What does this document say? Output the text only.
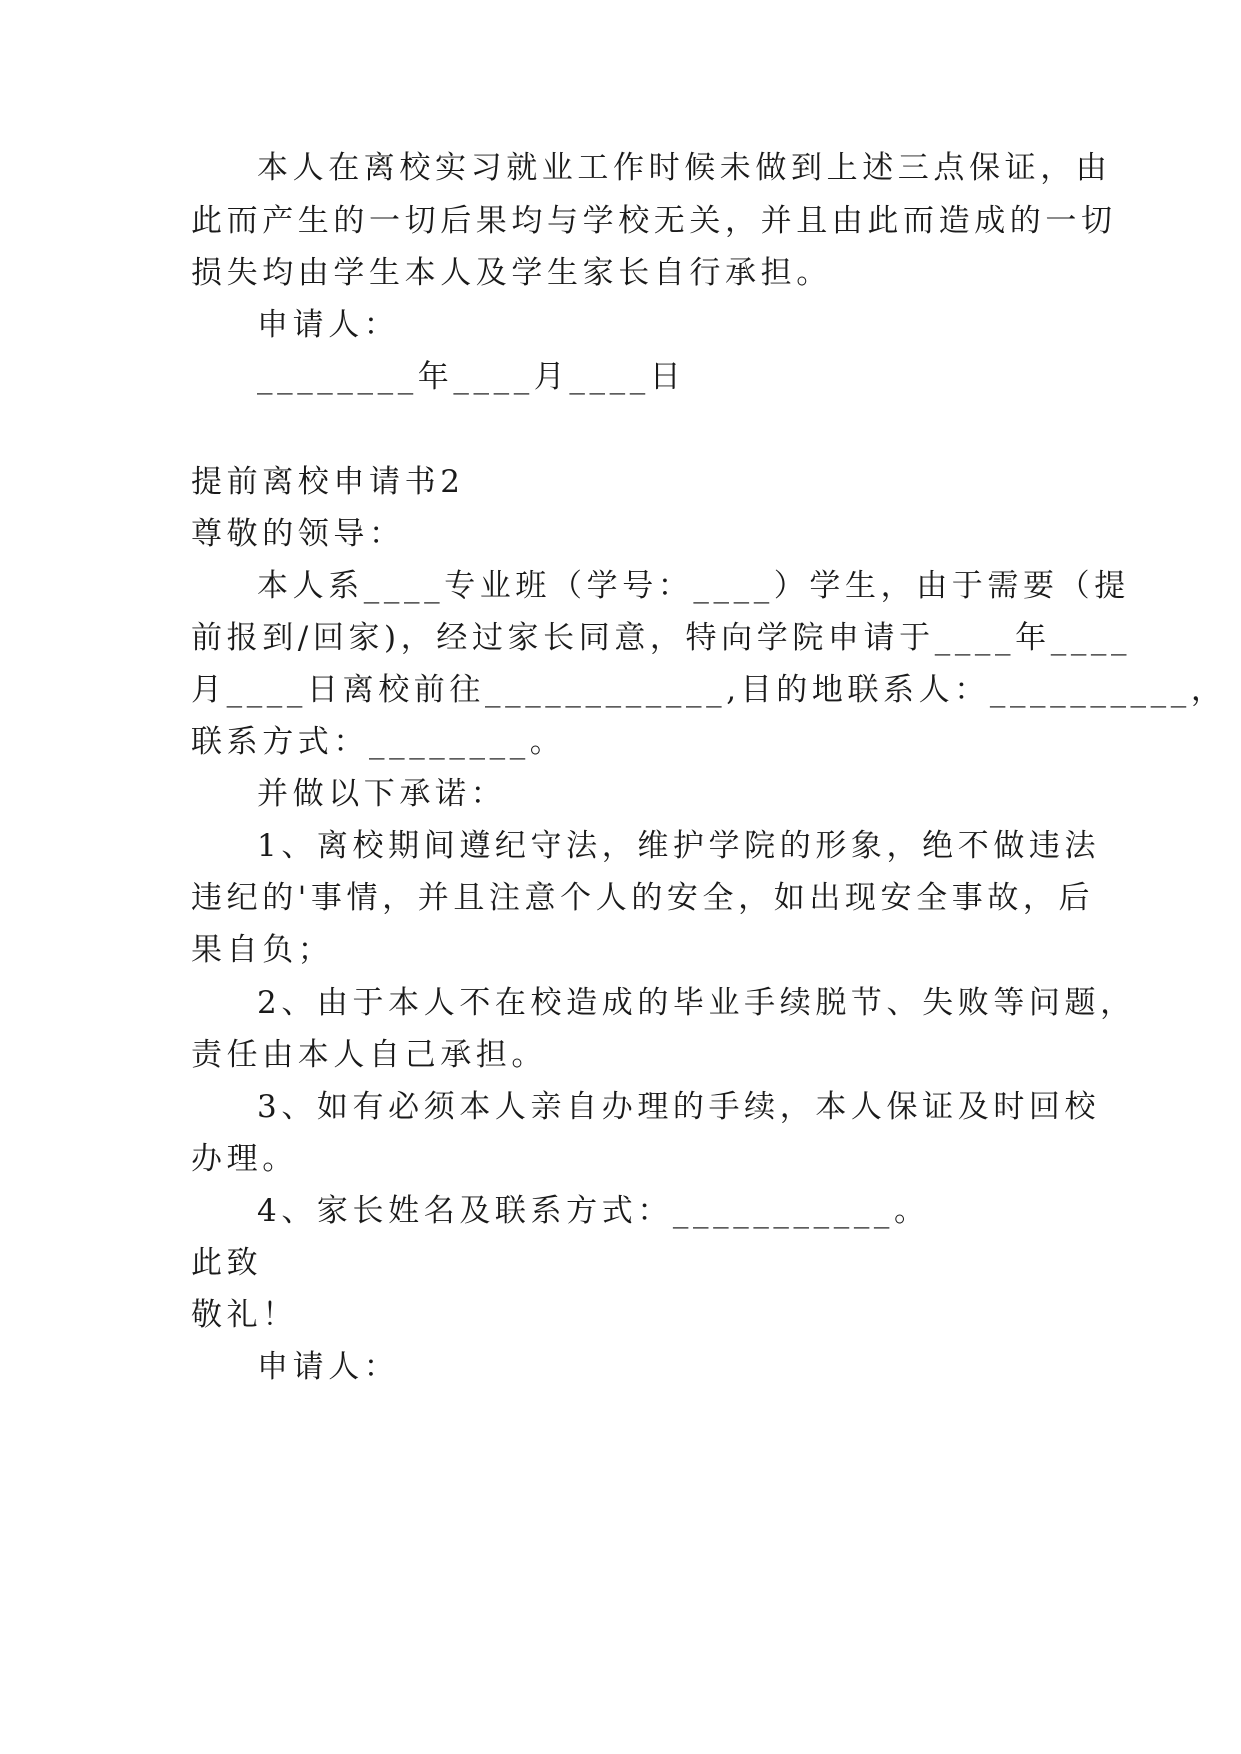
本人在离校实习就业工作时候未做到上述三点保证，由
此而产生的一切后果均与学校无关，并且由此而造成的一切
损失均由学生本人及学生家长自行承担。
申请人：
________年____月____日
提前离校申请书2
尊敬的领导：
本人系____专业班（学号：____）学生，由于需要（提
前报到/回家)，经过家长同意，特向学院申请于____年____
月____日离校前往____________,目的地联系人：__________，
联系方式：________。
并做以下承诺：
1、离校期间遵纪守法，维护学院的形象，绝不做违法
违纪的'事情，并且注意个人的安全，如出现安全事故，后
果自负；
2、由于本人不在校造成的毕业手续脱节、失败等问题，
责任由本人自己承担。
3、如有必须本人亲自办理的手续，本人保证及时回校
办理。
4、家长姓名及联系方式：___________。
此致
敬礼！
申请人：
